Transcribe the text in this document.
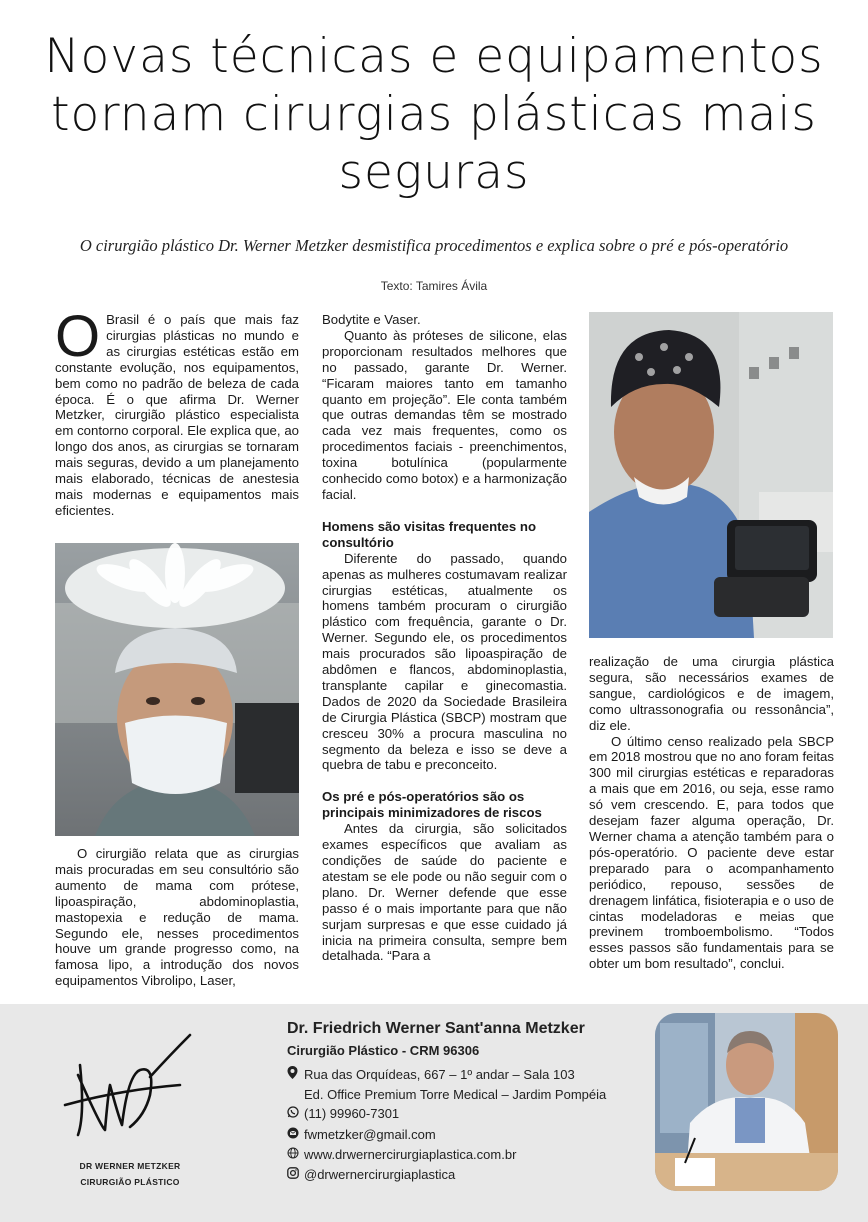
Novas técnicas e equipamentos tornam cirurgias plásticas mais seguras
O cirurgião plástico Dr. Werner Metzker desmistifica procedimentos e explica sobre o pré e pós-operatório
Texto: Tamires Ávila

O Brasil é o país que mais faz cirurgias plásticas no mundo e as cirurgias estéticas estão em constante evolução, nos equipamentos, bem como no padrão de beleza de cada época. É o que afirma Dr. Werner Metzker, cirurgião plástico especialista em contorno corporal. Ele explica que, ao longo dos anos, as cirurgias se tornaram mais seguras, devido a um planejamento mais elaborado, técnicas de anestesia mais modernas e equipamentos mais eficientes.

O cirurgião relata que as cirurgias mais procuradas em seu consultório são aumento de mama com prótese, lipoaspiração, abdominoplastia, mastopexia e redução de mama. Segundo ele, nesses procedimentos houve um grande progresso como, na famosa lipo, a introdução dos novos equipamentos Vibrolipo, Laser,

Bodytite e Vaser.

Quanto às próteses de silicone, elas proporcionam resultados melhores que no passado, garante Dr. Werner. “Ficaram maiores tanto em tamanho quanto em projeção”. Ele conta também que outras demandas têm se mostrado cada vez mais frequentes, como os procedimentos faciais - preenchimentos, toxina botulínica (popularmente conhecido como botox) e a harmonização facial.

Homens são visitas frequentes no consultório

Diferente do passado, quando apenas as mulheres costumavam realizar cirurgias estéticas, atualmente os homens também procuram o cirurgião plástico com frequência, garante o Dr. Werner. Segundo ele, os procedimentos mais procurados são lipoaspiração de abdômen e flancos, abdominoplastia, transplante capilar e ginecomastia. Dados de 2020 da Sociedade Brasileira de Cirurgia Plástica (SBCP) mostram que cresceu 30% a procura masculina no segmento da beleza e isso se deve a quebra de tabu e preconceito.

Os pré e pós-operatórios são os principais minimizadores de riscos

Antes da cirurgia, são solicitados exames específicos que avaliam as condições de saúde do paciente e atestam se ele pode ou não seguir com o plano. Dr. Werner defende que esse passo é o mais importante para que não surjam surpresas e que esse cuidado já inicia na primeira consulta, sempre bem detalhada. “Para a

realização de uma cirurgia plástica segura, são necessários exames de sangue, cardiológicos e de imagem, como ultrassonografia ou ressonância”, diz ele.

O último censo realizado pela SBCP em 2018 mostrou que no ano foram feitas 300 mil cirurgias estéticas e reparadoras a mais que em 2016, ou seja, esse ramo só vem crescendo. E, para todos que desejam fazer alguma operação, Dr. Werner chama a atenção também para o pós-operatório. O paciente deve estar preparado para o acompanhamento periódico, repouso, sessões de drenagem linfática, fisioterapia e o uso de cintas modeladoras e meias que previnem tromboembolismo. “Todos esses passos são fundamentais para se obter um bom resultado”, conclui.

DR WERNER METZKER
CIRURGIÃO PLÁSTICO
Dr. Friedrich Werner Sant'anna Metzker
Cirurgião Plástico - CRM 96306
Rua das Orquídeas, 667 – 1º andar – Sala 103
Ed. Office Premium Torre Medical – Jardim Pompéia
(11) 99960-7301
fwmetzker@gmail.com
www.drwernercirurgiaplastica.com.br
@drwernercirurgiaplastica
